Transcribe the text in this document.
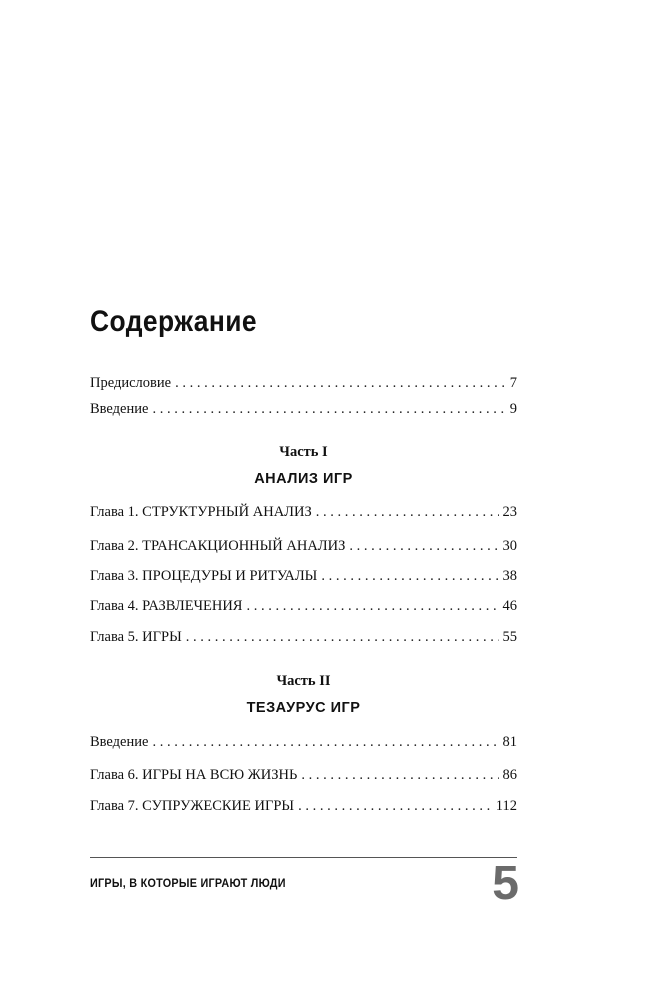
Содержание
Предисловие . . .	7
Введение . . .	9
Часть I
АНАЛИЗ ИГР
Глава 1. СТРУКТУРНЫЙ АНАЛИЗ . . .	23
Глава 2. ТРАНСАКЦИОННЫЙ АНАЛИЗ . . .	30
Глава 3. ПРОЦЕДУРЫ И РИТУАЛЫ . . .	38
Глава 4. РАЗВЛЕЧЕНИЯ . . .	46
Глава 5. ИГРЫ . . .	55
Часть II
ТЕЗАУРУС ИГР
Введение . . .	81
Глава 6. ИГРЫ НА ВСЮ ЖИЗНЬ . . .	86
Глава 7. СУПРУЖЕСКИЕ ИГРЫ . . .	112
ИГРЫ, В КОТОРЫЕ ИГРАЮТ ЛЮДИ	5
